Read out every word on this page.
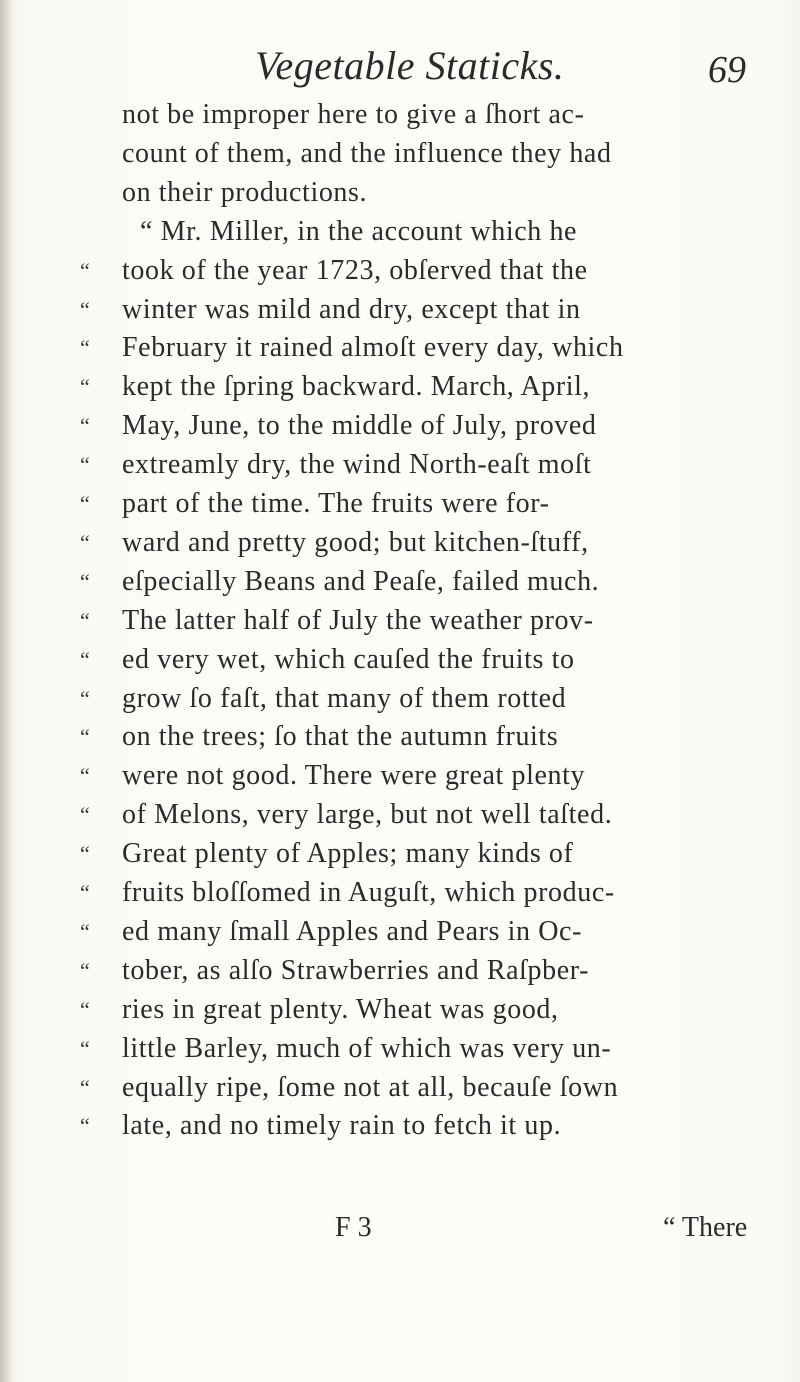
Vegetable Staticks.	69
not be improper here to give a ſhort ac-
count of them, and the influence they had
on their productions.
“ Mr. Miller, in the account which he
“	took of the year 1723, obſerved that the
“	winter was mild and dry, except that in
“	February it rained almoſt every day, which
“	kept the ſpring backward. March, April,
“	May, June, to the middle of July, proved
“	extreamly dry, the wind North-eaſt moſt
“	part of the time. The fruits were for-
“	ward and pretty good; but kitchen-ſtuff,
“	eſpecially Beans and Peaſe, failed much.
“	The latter half of July the weather prov-
“	ed very wet, which cauſed the fruits to
“	grow ſo faſt, that many of them rotted
“	on the trees; ſo that the autumn fruits
“	were not good. There were great plenty
“	of Melons, very large, but not well taſted.
“	Great plenty of Apples; many kinds of
“	fruits bloſſomed in Auguſt, which produc-
“	ed many ſmall Apples and Pears in Oc-
“	tober, as alſo Strawberries and Raſpber-
“	ries in great plenty. Wheat was good,
“	little Barley, much of which was very un-
“	equally ripe, ſome not at all, becauſe ſown
“	late, and no timely rain to fetch it up.
F 3	“ There
